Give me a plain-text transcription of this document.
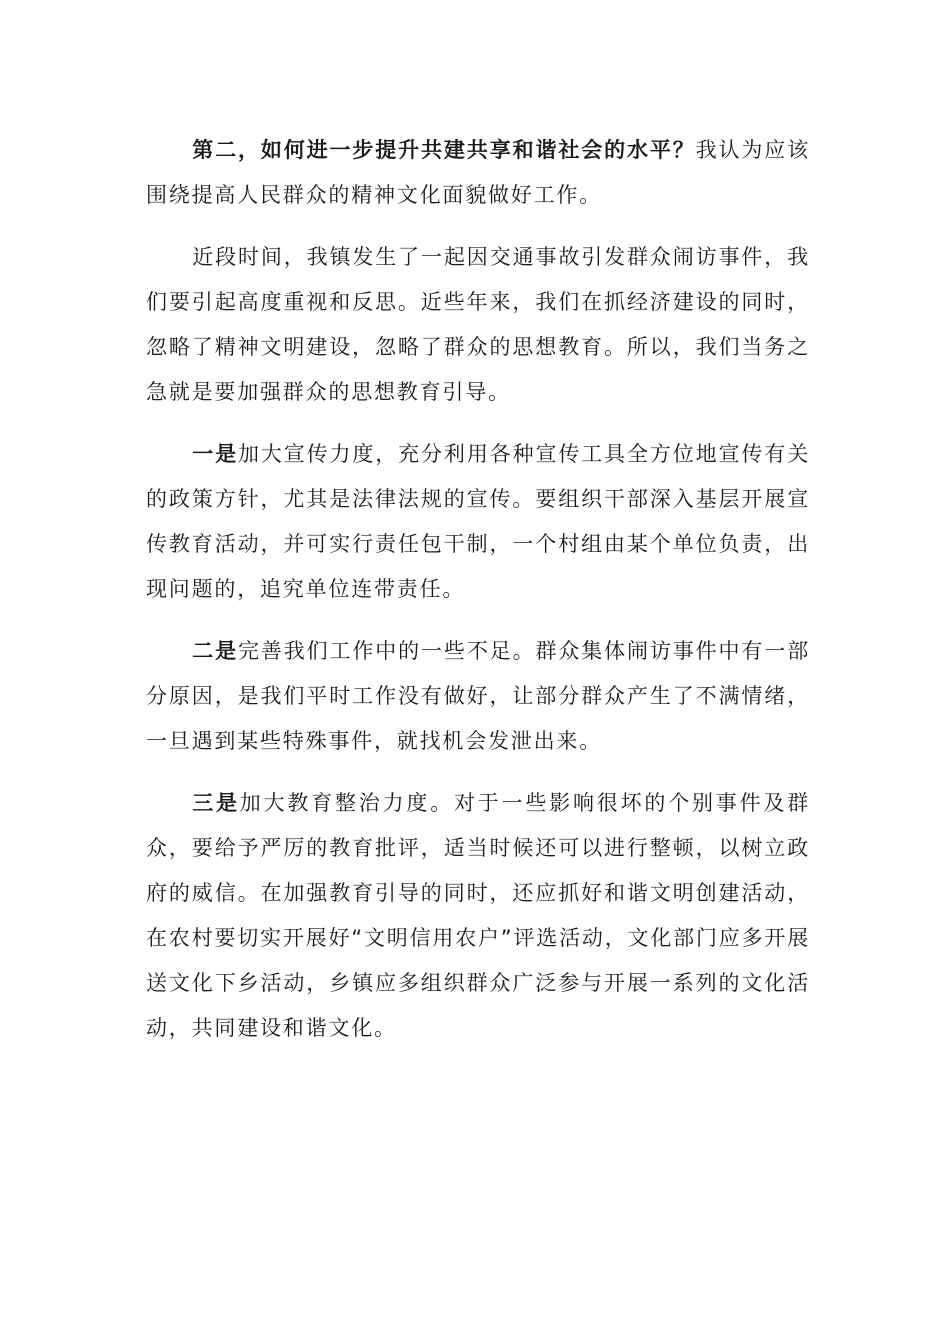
第二，如何进一步提升共建共享和谐社会的水平？我认为应该围绕提高人民群众的精神文化面貌做好工作。

近段时间，我镇发生了一起因交通事故引发群众闹访事件，我们要引起高度重视和反思。近些年来，我们在抓经济建设的同时，忽略了精神文明建设，忽略了群众的思想教育。所以，我们当务之急就是要加强群众的思想教育引导。

一是加大宣传力度，充分利用各种宣传工具全方位地宣传有关的政策方针，尤其是法律法规的宣传。要组织干部深入基层开展宣传教育活动，并可实行责任包干制，一个村组由某个单位负责，出现问题的，追究单位连带责任。

二是完善我们工作中的一些不足。群众集体闹访事件中有一部分原因，是我们平时工作没有做好，让部分群众产生了不满情绪，一旦遇到某些特殊事件，就找机会发泄出来。

三是加大教育整治力度。对于一些影响很坏的个别事件及群众，要给予严厉的教育批评，适当时候还可以进行整顿，以树立政府的威信。在加强教育引导的同时，还应抓好和谐文明创建活动，在农村要切实开展好“文明信用农户”评选活动，文化部门应多开展送文化下乡活动，乡镇应多组织群众广泛参与开展一系列的文化活动，共同建设和谐文化。
